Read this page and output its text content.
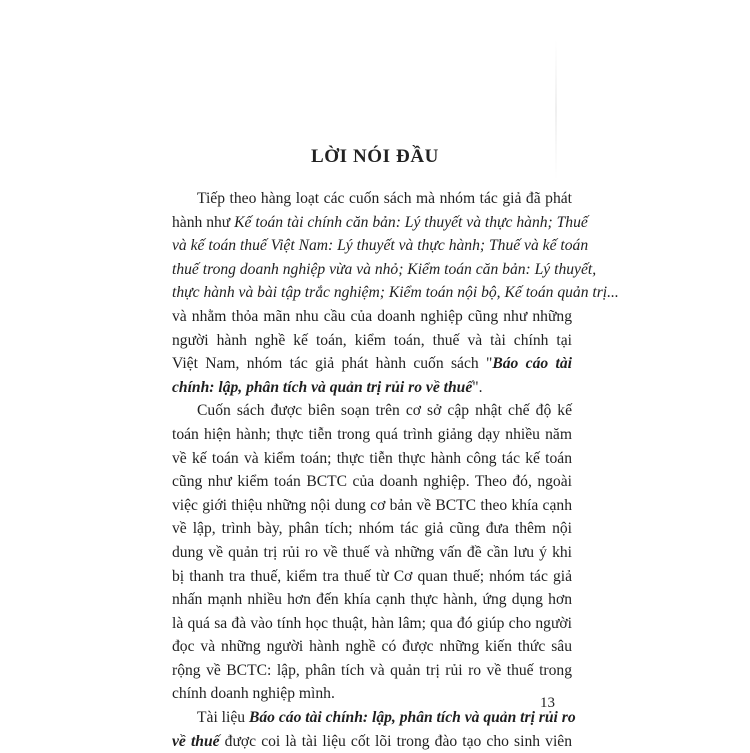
LỜI NÓI ĐẦU
Tiếp theo hàng loạt các cuốn sách mà nhóm tác giả đã phát
hành như Kế toán tài chính căn bản: Lý thuyết và thực hành; Thuế
và kế toán thuế Việt Nam: Lý thuyết và thực hành; Thuế và kế toán
thuế trong doanh nghiệp vừa và nhỏ; Kiểm toán căn bản: Lý thuyết,
thực hành và bài tập trắc nghiệm; Kiểm toán nội bộ, Kế toán quản trị...
và nhằm thỏa mãn nhu cầu của doanh nghiệp cũng như những
người hành nghề kế toán, kiểm toán, thuế và tài chính tại
Việt Nam, nhóm tác giả phát hành cuốn sách "Báo cáo tài
chính: lập, phân tích và quản trị rủi ro về thuế".
Cuốn sách được biên soạn trên cơ sở cập nhật chế độ kế
toán hiện hành; thực tiễn trong quá trình giảng dạy nhiều năm
về kế toán và kiểm toán; thực tiễn thực hành công tác kế toán
cũng như kiểm toán BCTC của doanh nghiệp. Theo đó, ngoài
việc giới thiệu những nội dung cơ bản về BCTC theo khía cạnh
về lập, trình bày, phân tích; nhóm tác giả cũng đưa thêm nội
dung về quản trị rủi ro về thuế và những vấn đề cần lưu ý khi
bị thanh tra thuế, kiểm tra thuế từ Cơ quan thuế; nhóm tác giả
nhấn mạnh nhiều hơn đến khía cạnh thực hành, ứng dụng hơn
là quá sa đà vào tính học thuật, hàn lâm; qua đó giúp cho người
đọc và những người hành nghề có được những kiến thức sâu
rộng về BCTC: lập, phân tích và quản trị rủi ro về thuế trong
chính doanh nghiệp mình.
Tài liệu Báo cáo tài chính: lập, phân tích và quản trị rủi ro
về thuế được coi là tài liệu cốt lõi trong đào tạo cho sinh viên
13
